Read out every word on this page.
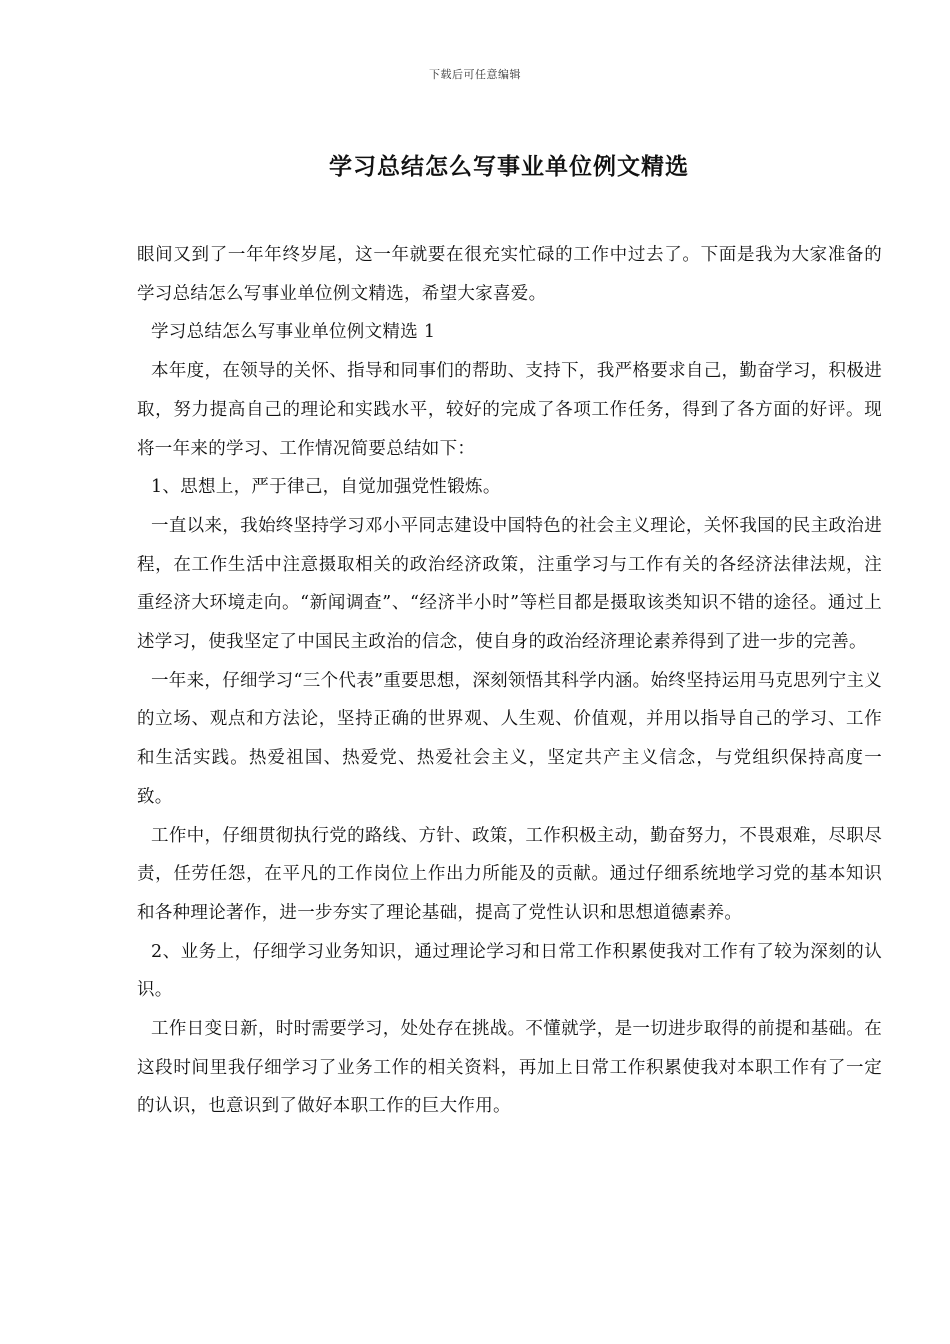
下载后可任意编辑
学习总结怎么写事业单位例文精选

眼间又到了一年年终岁尾，这一年就要在很充实忙碌的工作中过去了。下面是我为大家准备的学习总结怎么写事业单位例文精选，希望大家喜爱。

学习总结怎么写事业单位例文精选 1

本年度，在领导的关怀、指导和同事们的帮助、支持下，我严格要求自己，勤奋学习，积极进取，努力提高自己的理论和实践水平，较好的完成了各项工作任务，得到了各方面的好评。现将一年来的学习、工作情况简要总结如下：

1、思想上，严于律己，自觉加强党性锻炼。

一直以来，我始终坚持学习邓小平同志建设中国特色的社会主义理论，关怀我国的民主政治进程，在工作生活中注意摄取相关的政治经济政策，注重学习与工作有关的各经济法律法规，注重经济大环境走向。“新闻调查”、“经济半小时”等栏目都是摄取该类知识不错的途径。通过上述学习，使我坚定了中国民主政治的信念，使自身的政治经济理论素养得到了进一步的完善。

一年来，仔细学习“三个代表”重要思想，深刻领悟其科学内涵。始终坚持运用马克思列宁主义的立场、观点和方法论，坚持正确的世界观、人生观、价值观，并用以指导自己的学习、工作和生活实践。热爱祖国、热爱党、热爱社会主义，坚定共产主义信念，与党组织保持高度一致。

工作中，仔细贯彻执行党的路线、方针、政策，工作积极主动，勤奋努力，不畏艰难，尽职尽责，任劳任怨，在平凡的工作岗位上作出力所能及的贡献。通过仔细系统地学习党的基本知识和各种理论著作，进一步夯实了理论基础，提高了党性认识和思想道德素养。

2、业务上，仔细学习业务知识，通过理论学习和日常工作积累使我对工作有了较为深刻的认识。

工作日变日新，时时需要学习，处处存在挑战。不懂就学，是一切进步取得的前提和基础。在这段时间里我仔细学习了业务工作的相关资料，再加上日常工作积累使我对本职工作有了一定的认识，也意识到了做好本职工作的巨大作用。
